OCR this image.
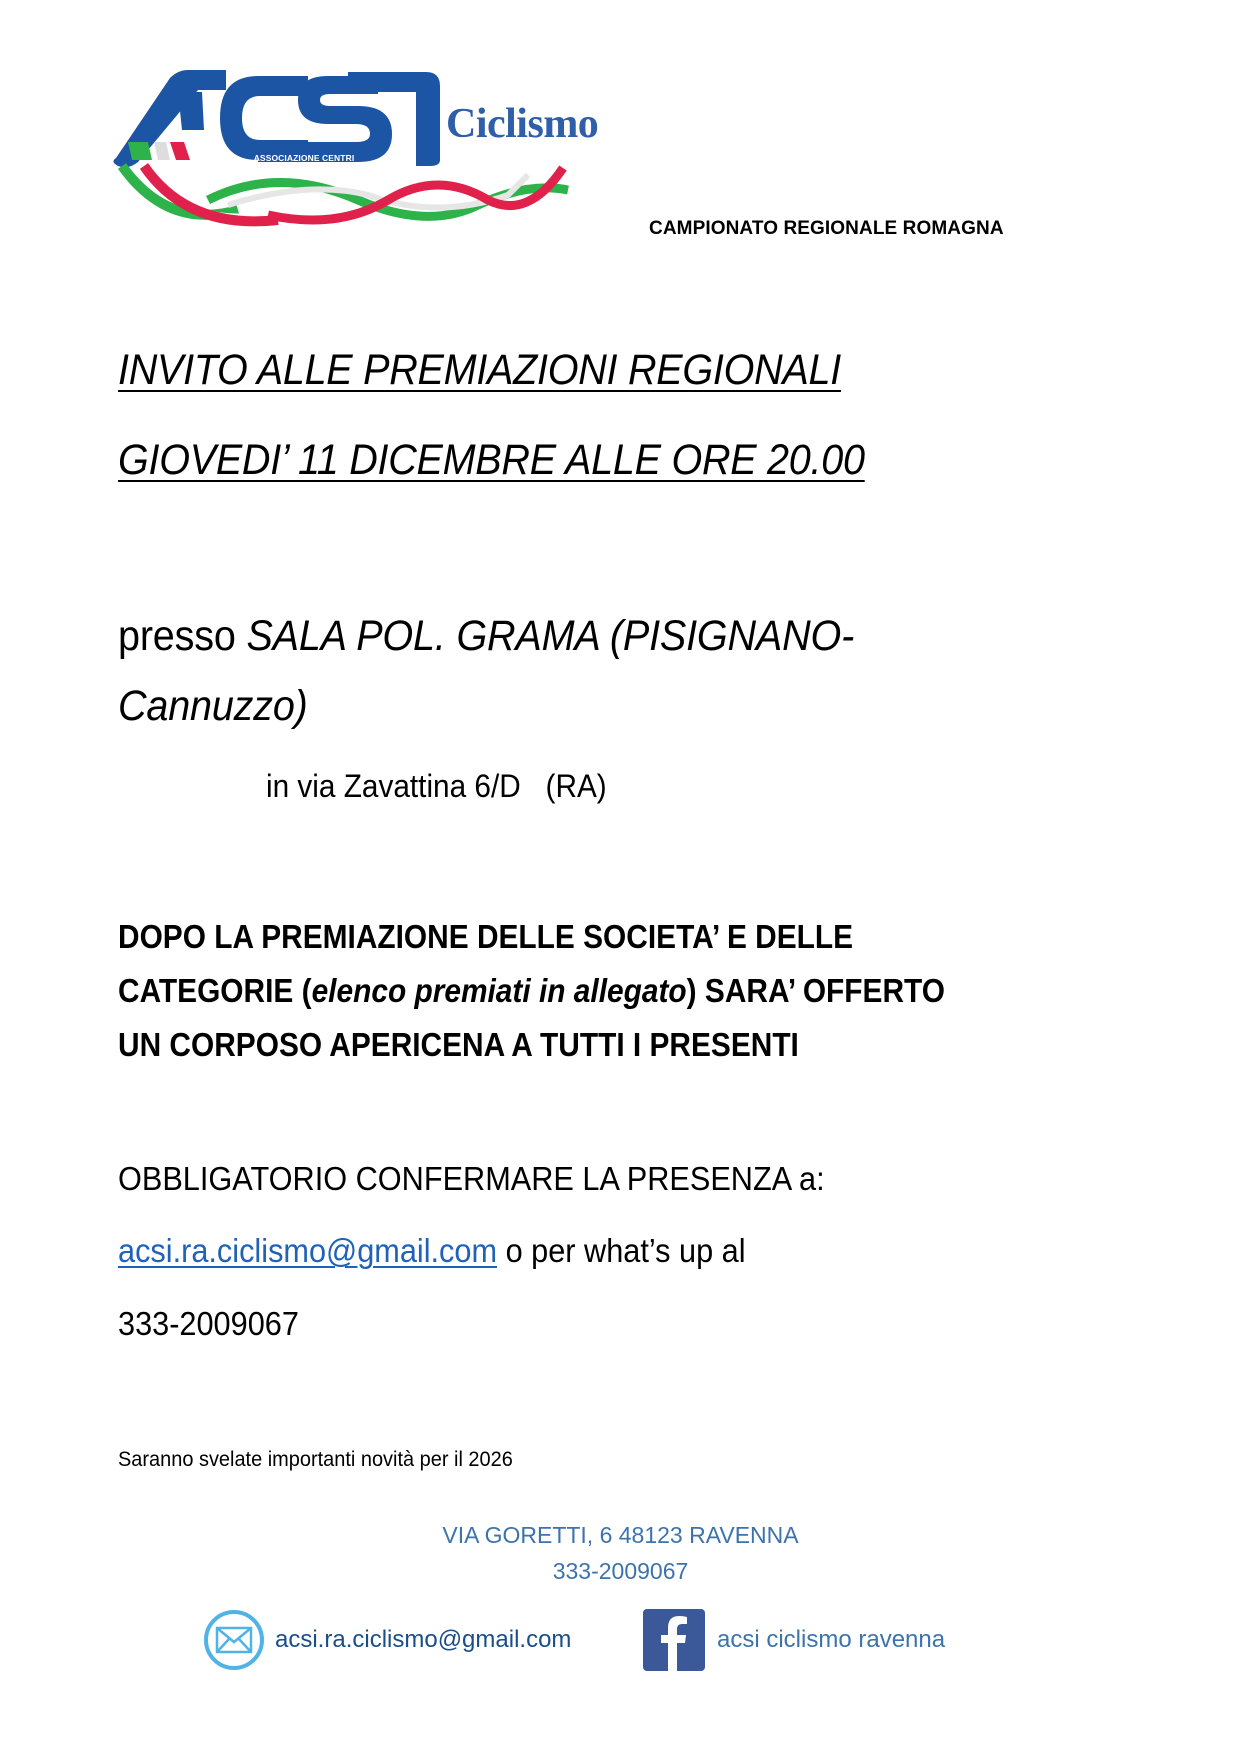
ASSOCIAZIONE CENTRI
SPORTIVI ITALIANI
Ciclismo
CAMPIONATO REGIONALE ROMAGNA
INVITO ALLE PREMIAZIONI REGIONALI
GIOVEDI’ 11 DICEMBRE ALLE ORE 20.00
presso SALA POL. GRAMA (PISIGNANO-
Cannuzzo)
in via Zavattina 6/D   (RA)
DOPO LA PREMIAZIONE DELLE SOCIETA’ E DELLE
CATEGORIE (elenco premiati in allegato) SARA’ OFFERTO
UN CORPOSO APERICENA A TUTTI I PRESENTI
OBBLIGATORIO CONFERMARE LA PRESENZA a:
acsi.ra.ciclismo@gmail.com o per what’s up al
333-2009067
Saranno svelate importanti novità per il 2026
VIA GORETTI, 6 48123 RAVENNA
333-2009067
acsi.ra.ciclismo@gmail.com	acsi ciclismo ravenna
